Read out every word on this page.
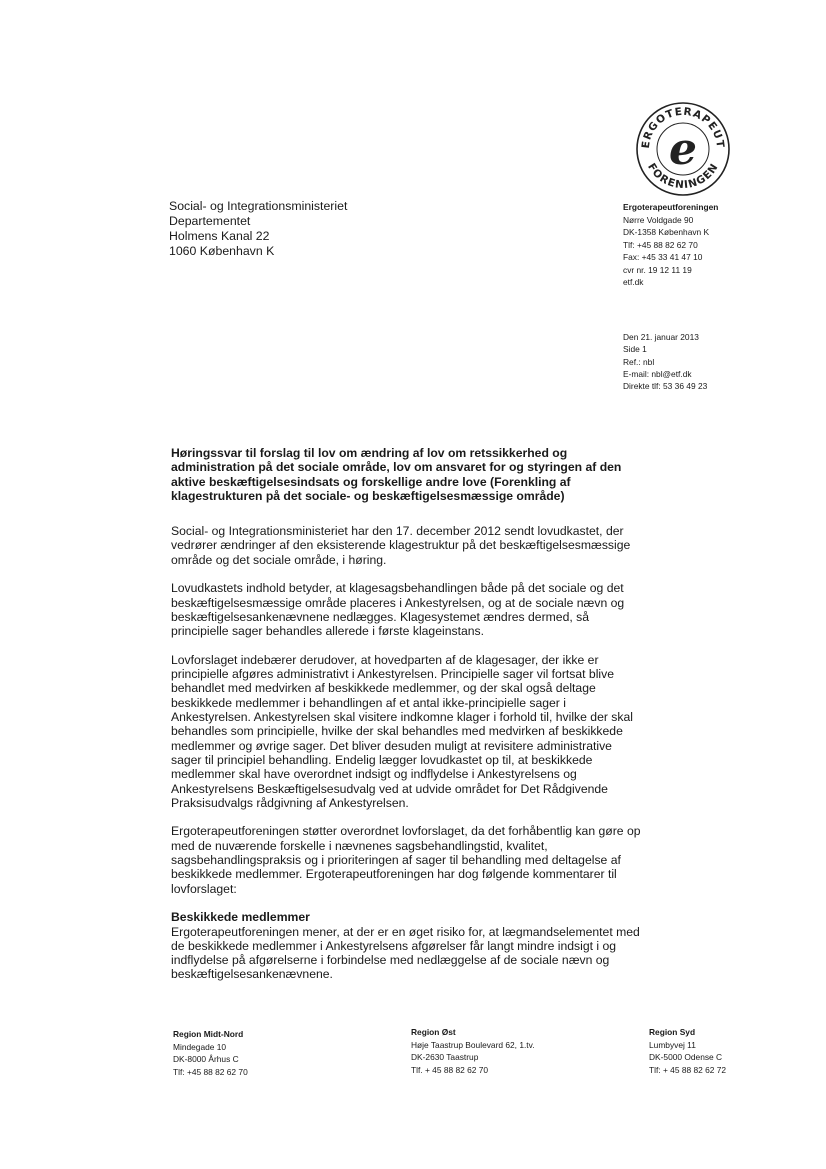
ERGOTERAPEUT
FORENINGEN
e
Social- og Integrationsministeriet
Departementet
Holmens Kanal 22
1060 København K
Ergoterapeutforeningen
Nørre Voldgade 90
DK-1358 København K
Tlf: +45 88 82 62 70
Fax: +45 33 41 47 10
cvr nr. 19 12 11 19
etf.dk
Den 21. januar 2013
Side 1
Ref.: nbl
E-mail: nbl@etf.dk
Direkte tlf: 53 36 49 23
Høringssvar til forslag til lov om ændring af lov om retssikkerhed og administration på det sociale område, lov om ansvaret for og styringen af den aktive beskæftigelsesindsats og forskellige andre love (Forenkling af klagestrukturen på det sociale- og beskæftigelsesmæssige område)

Social- og Integrationsministeriet har den 17. december 2012 sendt lovudkastet, der vedrører ændringer af den eksisterende klagestruktur på det beskæftigelsesmæssige område og det sociale område, i høring.

Lovudkastets indhold betyder, at klagesagsbehandlingen både på det sociale og det beskæftigelsesmæssige område placeres i Ankestyrelsen, og at de sociale nævn og beskæftigelsesankenævnene nedlægges. Klagesystemet ændres dermed, så principielle sager behandles allerede i første klageinstans.

Lovforslaget indebærer derudover, at hovedparten af de klagesager, der ikke er principielle afgøres administrativt i Ankestyrelsen. Principielle sager vil fortsat blive behandlet med medvirken af beskikkede medlemmer, og der skal også deltage beskikkede medlemmer i behandlingen af et antal ikke-principielle sager i Ankestyrelsen. Ankestyrelsen skal visitere indkomne klager i forhold til, hvilke der skal behandles som principielle, hvilke der skal behandles med medvirken af beskikkede medlemmer og øvrige sager. Det bliver desuden muligt at revisitere administrative sager til principiel behandling. Endelig lægger lovudkastet op til, at beskikkede medlemmer skal have overordnet indsigt og indflydelse i Ankestyrelsens og Ankestyrelsens Beskæftigelsesudvalg ved at udvide området for Det Rådgivende Praksisudvalgs rådgivning af Ankestyrelsen.

Ergoterapeutforeningen støtter overordnet lovforslaget, da det forhåbentlig kan gøre op med de nuværende forskelle i nævnenes sagsbehandlingstid, kvalitet, sagsbehandlingspraksis og i prioriteringen af sager til behandling med deltagelse af beskikkede medlemmer. Ergoterapeutforeningen har dog følgende kommentarer til lovforslaget:

Beskikkede medlemmer

Ergoterapeutforeningen mener, at der er en øget risiko for, at lægmandselementet med de beskikkede medlemmer i Ankestyrelsens afgørelser får langt mindre indsigt i og indflydelse på afgørelserne i forbindelse med nedlæggelse af de sociale nævn og beskæftigelsesankenævnene.

Region Midt-Nord
Mindegade 10
DK-8000 Århus C
Tlf: +45 88 82 62 70
Region Øst
Høje Taastrup Boulevard 62, 1.tv.
DK-2630 Taastrup
Tlf. + 45 88 82 62 70
Region Syd
Lumbyvej 11
DK-5000 Odense C
Tlf: + 45 88 82 62 72
